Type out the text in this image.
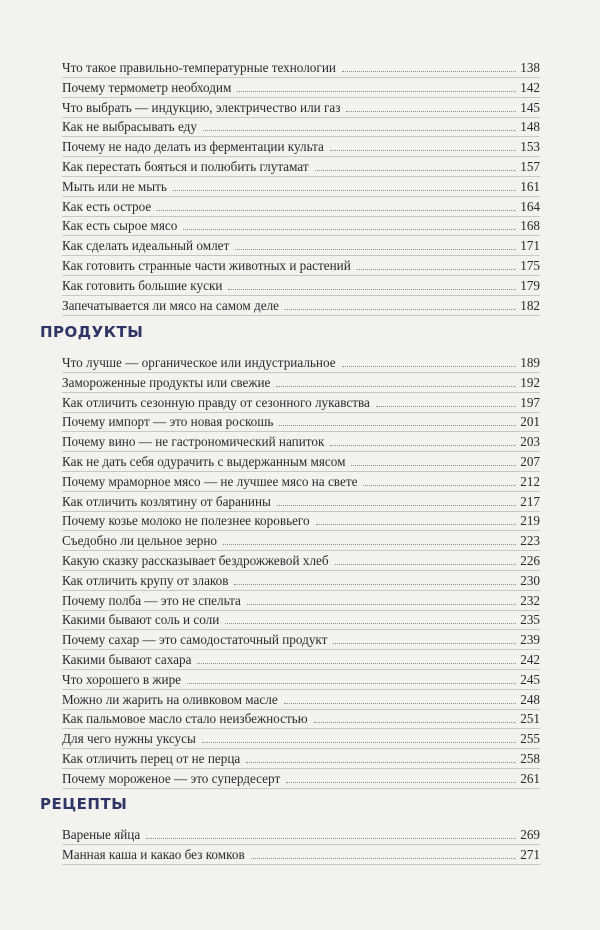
Что такое правильно-температурные технологии	138
Почему термометр необходим	142
Что выбрать — индукцию, электричество или газ	145
Как не выбрасывать еду	148
Почему не надо делать из ферментации культа	153
Как перестать бояться и полюбить глутамат	157
Мыть или не мыть	161
Как есть острое	164
Как есть сырое мясо	168
Как сделать идеальный омлет	171
Как готовить странные части животных и растений	175
Как готовить большие куски	179
Запечатывается ли мясо на самом деле	182
ПРОДУКТЫ
Что лучше — органическое или индустриальное	189
Замороженные продукты или свежие	192
Как отличить сезонную правду от сезонного лукавства	197
Почему импорт — это новая роскошь	201
Почему вино — не гастрономический напиток	203
Как не дать себя одурачить с выдержанным мясом	207
Почему мраморное мясо — не лучшее мясо на свете	212
Как отличить козлятину от баранины	217
Почему козье молоко не полезнее коровьего	219
Съедобно ли цельное зерно	223
Какую сказку рассказывает бездрожжевой хлеб	226
Как отличить крупу от злаков	230
Почему полба — это не спельта	232
Какими бывают соль и соли	235
Почему сахар — это самодостаточный продукт	239
Какими бывают сахара	242
Что хорошего в жире	245
Можно ли жарить на оливковом масле	248
Как пальмовое масло стало неизбежностью	251
Для чего нужны уксусы	255
Как отличить перец от не перца	258
Почему мороженое — это супердесерт	261
РЕЦЕПТЫ
Вареные яйца	269
Манная каша и какао без комков	271
